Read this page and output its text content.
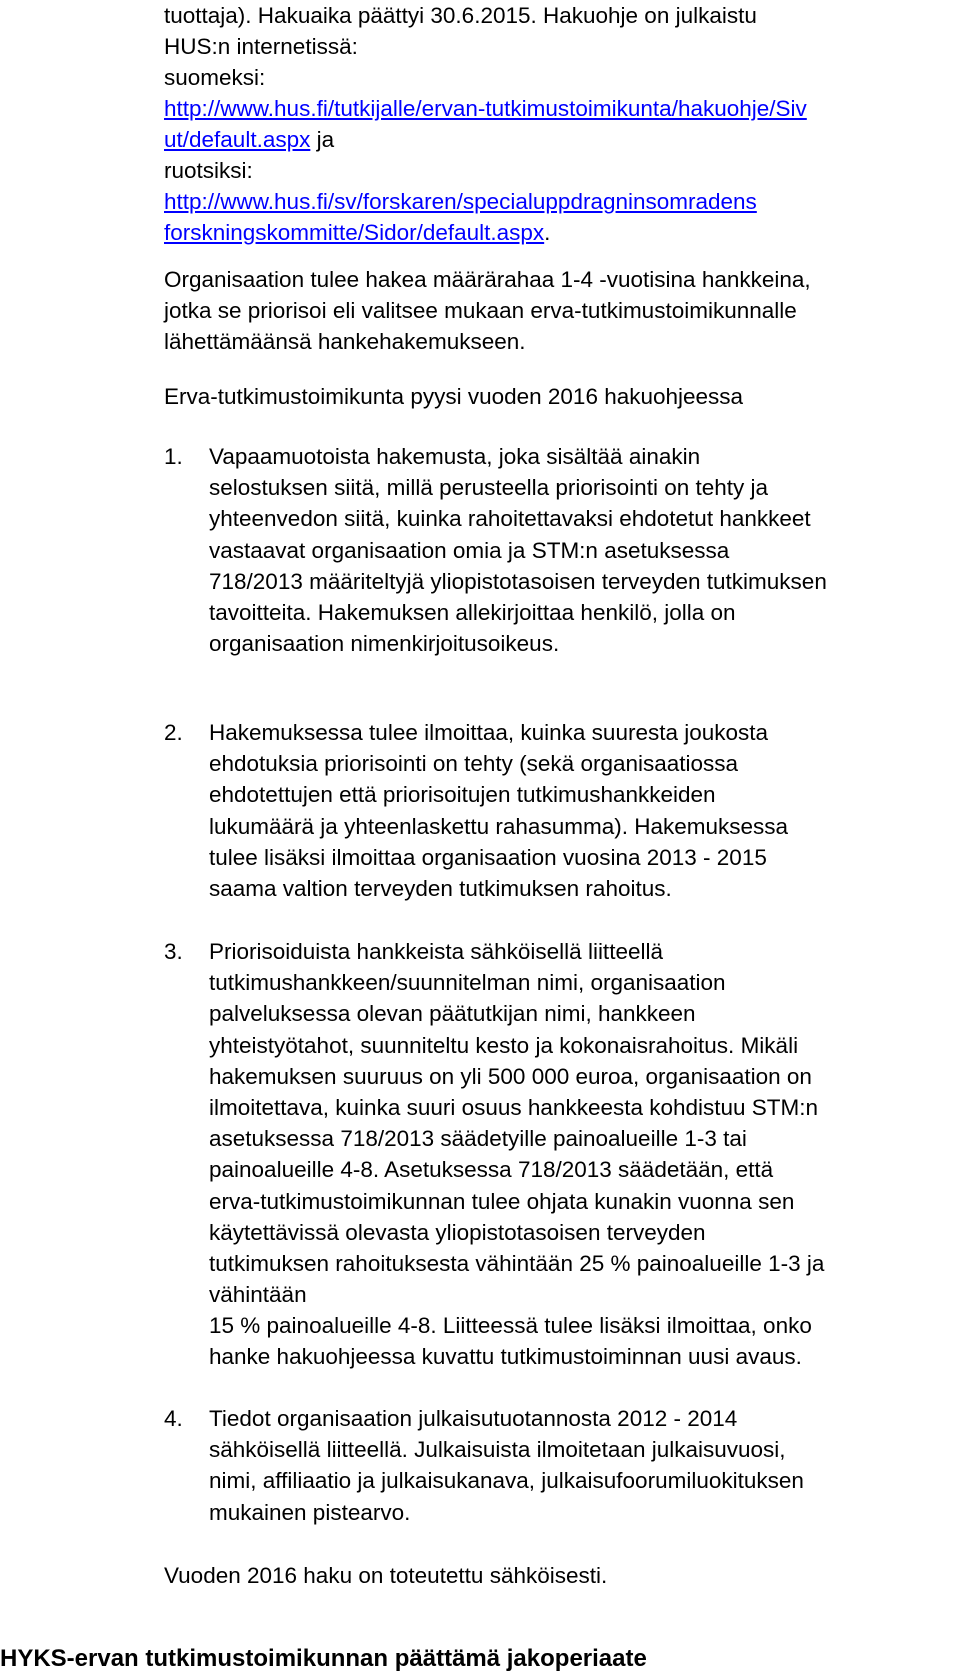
tuottaja). Hakuaika päättyi 30.6.2015. Hakuohje on julkaistu
HUS:n internetissä:
suomeksi:
http://www.hus.fi/tutkijalle/ervan-tutkimustoimikunta/hakuohje/Siv
ut/default.aspx ja
ruotsiksi:
http://www.hus.fi/sv/forskaren/specialuppdragninsomradens
forskningskommitte/Sidor/default.aspx.
Organisaation tulee hakea määrärahaa 1-4 -vuotisina hankkeina,
jotka se priorisoi eli valitsee mukaan erva-tutkimustoimikunnalle
lähettämäänsä hankehakemukseen.
Erva-tutkimustoimikunta pyysi vuoden 2016 hakuohjeessa
1.	Vapaamuotoista hakemusta, joka sisältää ainakin
selostuksen siitä, millä perusteella priorisointi on tehty ja
yhteenvedon siitä, kuinka rahoitettavaksi ehdotetut hankkeet
vastaavat organisaation omia ja STM:n asetuksessa
718/2013 määriteltyjä yliopistotasoisen terveyden tutkimuksen
tavoitteita. Hakemuksen allekirjoittaa henkilö, jolla on
organisaation nimenkirjoitusoikeus.
2.	Hakemuksessa tulee ilmoittaa, kuinka suuresta joukosta
ehdotuksia priorisointi on tehty (sekä organisaatiossa
ehdotettujen että priorisoitujen tutkimushankkeiden
lukumäärä ja yhteenlaskettu rahasumma). Hakemuksessa
tulee lisäksi ilmoittaa organisaation vuosina 2013 - 2015
saama valtion terveyden tutkimuksen rahoitus.
3.	Priorisoiduista hankkeista sähköisellä liitteellä
tutkimushankkeen/suunnitelman nimi, organisaation
palveluksessa olevan päätutkijan nimi, hankkeen
yhteistyötahot, suunniteltu kesto ja kokonaisrahoitus. Mikäli
hakemuksen suuruus on yli 500 000 euroa, organisaation on
ilmoitettava, kuinka suuri osuus hankkeesta kohdistuu STM:n
asetuksessa 718/2013 säädetyille painoalueille 1-3 tai
painoalueille 4-8. Asetuksessa 718/2013 säädetään, että
erva-tutkimustoimikunnan tulee ohjata kunakin vuonna sen
käytettävissä olevasta yliopistotasoisen terveyden
tutkimuksen rahoituksesta vähintään 25 % painoalueille 1-3 ja
vähintään
15 % painoalueille 4-8. Liitteessä tulee lisäksi ilmoittaa, onko
hanke hakuohjeessa kuvattu tutkimustoiminnan uusi avaus.
4.	Tiedot organisaation julkaisutuotannosta 2012 - 2014
sähköisellä liitteellä. Julkaisuista ilmoitetaan julkaisuvuosi,
nimi, affiliaatio ja julkaisukanava, julkaisufoorumiluokituksen
mukainen pistearvo.
Vuoden 2016 haku on toteutettu sähköisesti.
HYKS-ervan tutkimustoimikunnan päättämä jakoperiaate
